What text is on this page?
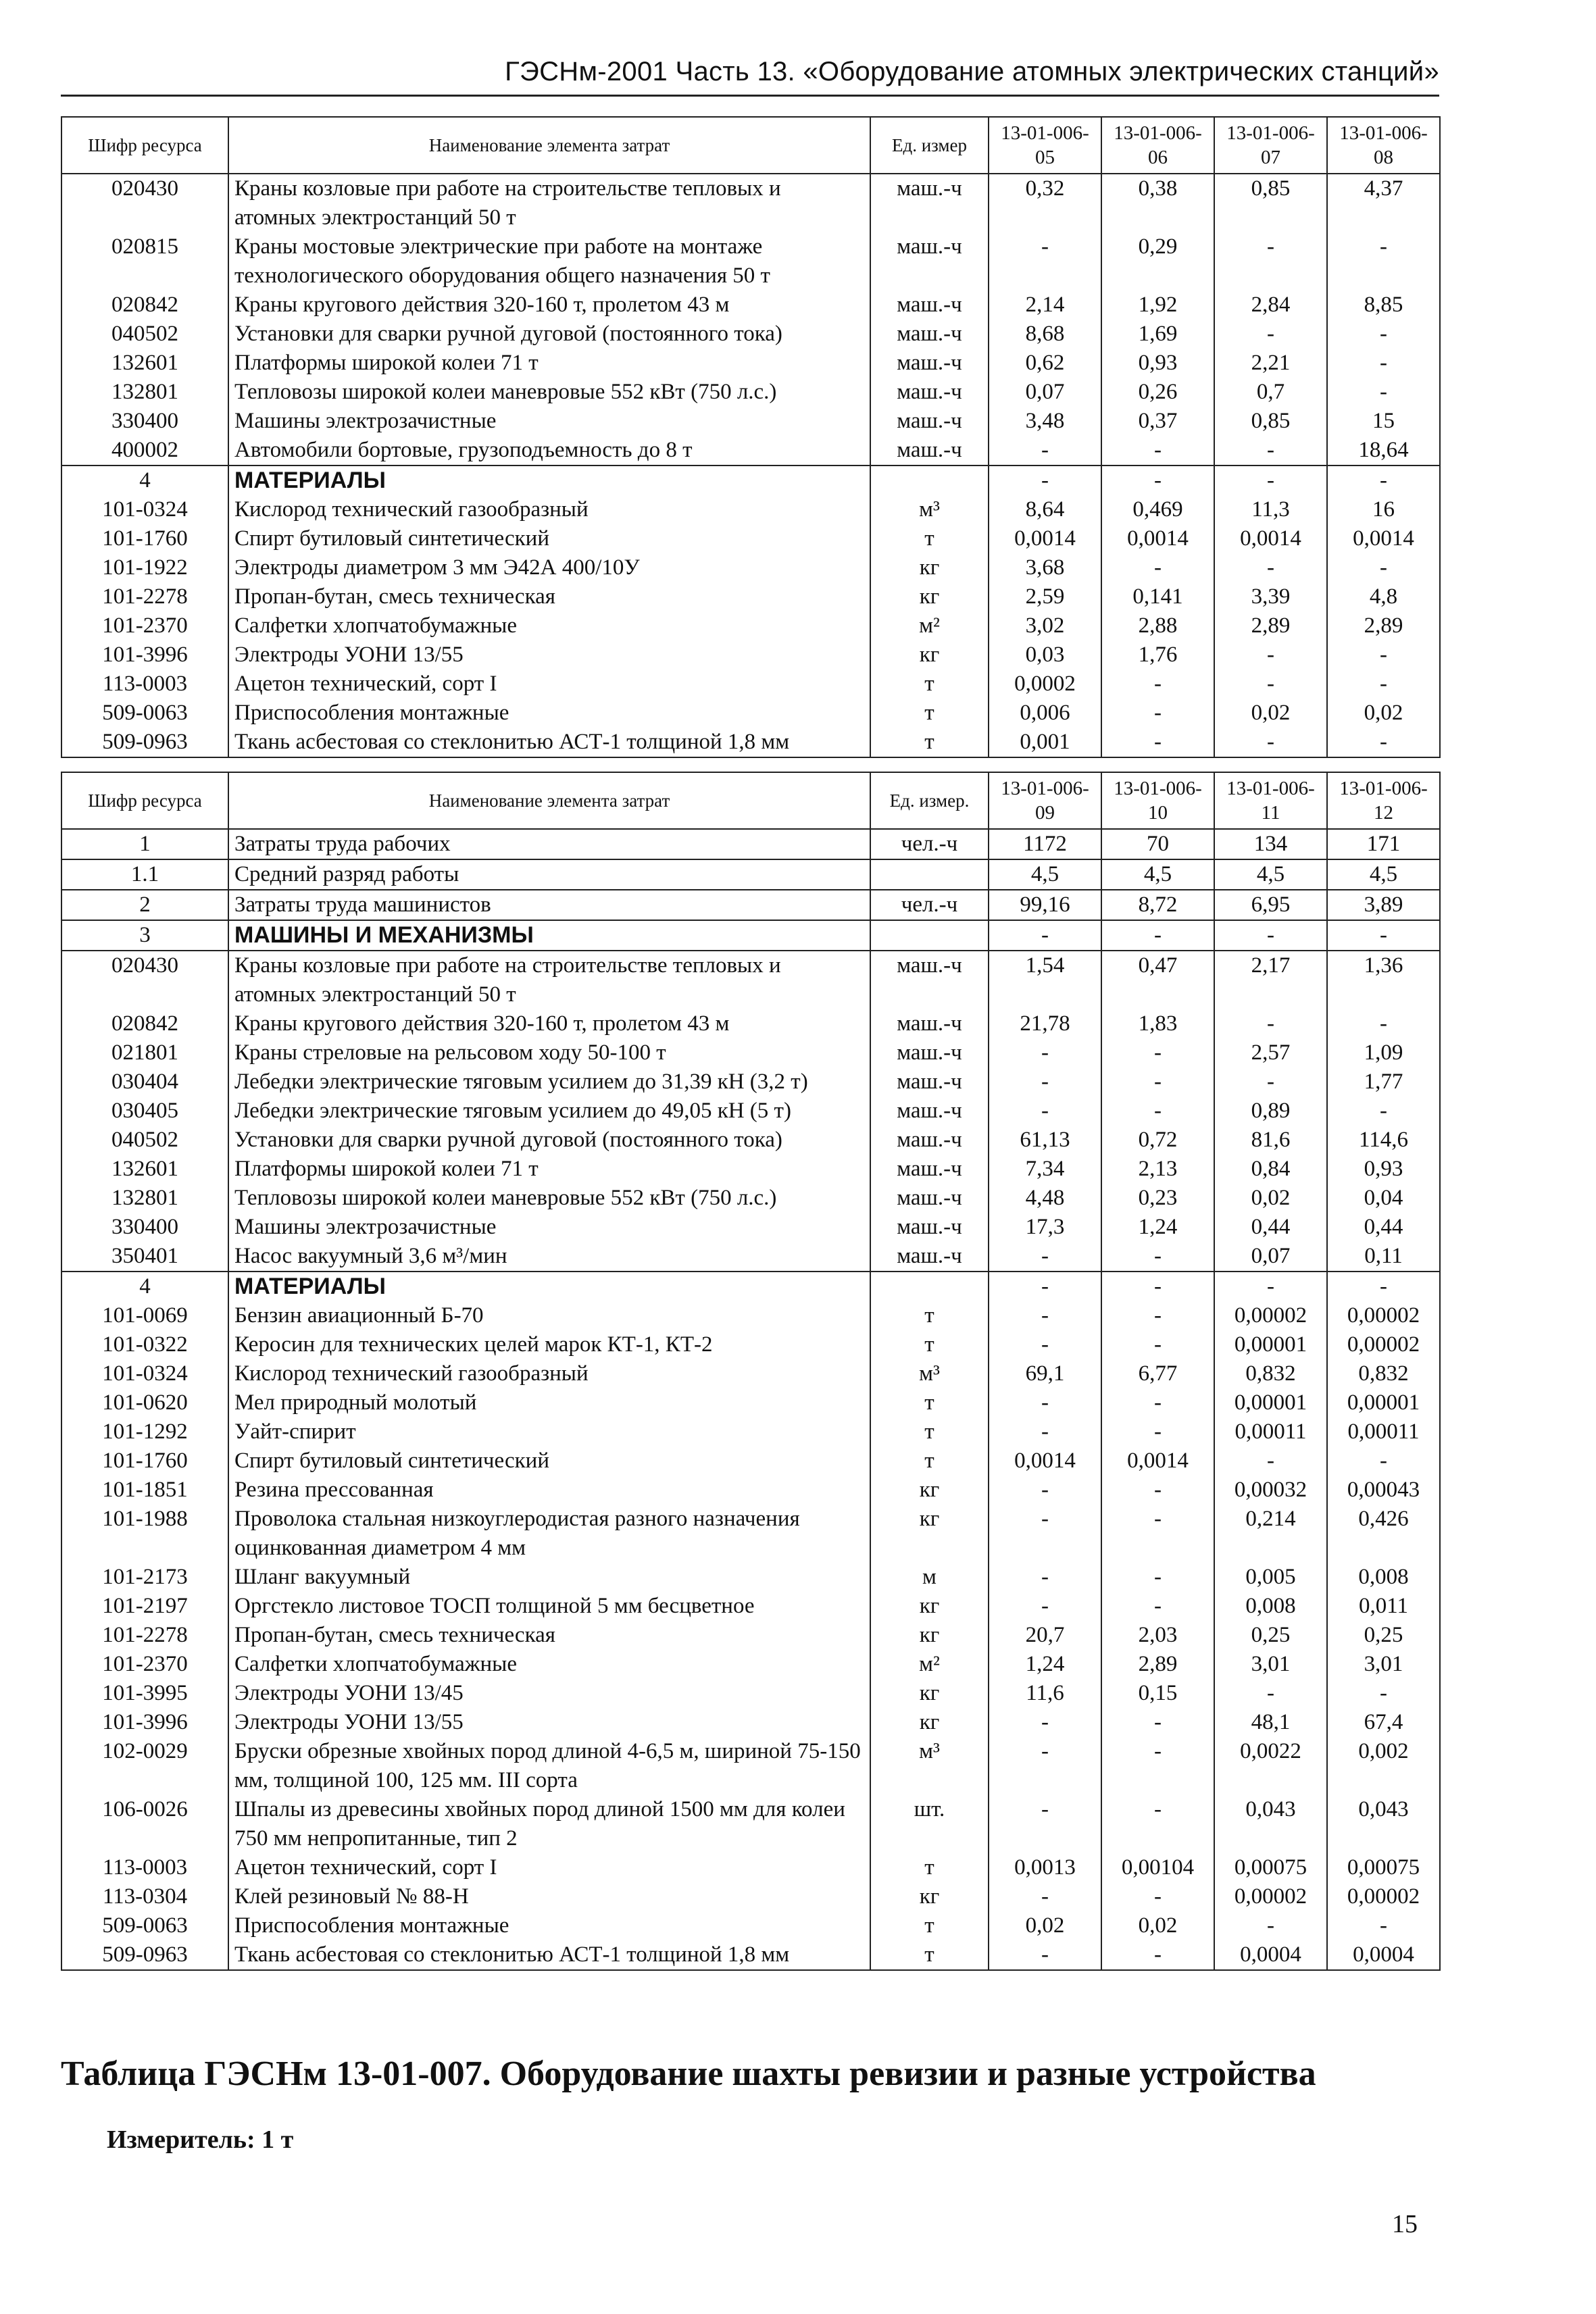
ГЭСНм-2001 Часть 13. «Оборудование атомных электрических станций»
Шифр ресурса	Наименование элемента затрат	Ед. измер	13-01-006-05	13-01-006-06	13-01-006-07	13-01-006-08
020430	Краны козловые при работе на строительстве тепловых и атомных электростанций 50 т	маш.-ч	0,32	0,38	0,85	4,37
020815	Краны мостовые электрические при работе на монтаже технологического оборудования общего назначения 50 т	маш.-ч	-	0,29	-	-
020842	Краны кругового действия 320-160 т, пролетом 43 м	маш.-ч	2,14	1,92	2,84	8,85
040502	Установки для сварки ручной дуговой (постоянного тока)	маш.-ч	8,68	1,69	-	-
132601	Платформы широкой колеи 71 т	маш.-ч	0,62	0,93	2,21	-
132801	Тепловозы широкой колеи маневровые 552 кВт (750 л.с.)	маш.-ч	0,07	0,26	0,7	-
330400	Машины электрозачистные	маш.-ч	3,48	0,37	0,85	15
400002	Автомобили бортовые, грузоподъемность до 8 т	маш.-ч	-	-	-	18,64
4	МАТЕРИАЛЫ		-	-	-	-
101-0324	Кислород технический газообразный	м³	8,64	0,469	11,3	16
101-1760	Спирт бутиловый синтетический	т	0,0014	0,0014	0,0014	0,0014
101-1922	Электроды диаметром 3 мм Э42А 400/10У	кг	3,68	-	-	-
101-2278	Пропан-бутан, смесь техническая	кг	2,59	0,141	3,39	4,8
101-2370	Салфетки хлопчатобумажные	м²	3,02	2,88	2,89	2,89
101-3996	Электроды УОНИ 13/55	кг	0,03	1,76	-	-
113-0003	Ацетон технический, сорт I	т	0,0002	-	-	-
509-0063	Приспособления монтажные	т	0,006	-	0,02	0,02
509-0963	Ткань асбестовая со стеклонитью АСТ-1 толщиной 1,8 мм	т	0,001	-	-	-
Шифр ресурса	Наименование элемента затрат	Ед. измер.	13-01-006-09	13-01-006-10	13-01-006-11	13-01-006-12
1	Затраты труда рабочих	чел.-ч	1172	70	134	171
1.1	Средний разряд работы		4,5	4,5	4,5	4,5
2	Затраты труда машинистов	чел.-ч	99,16	8,72	6,95	3,89
3	МАШИНЫ И МЕХАНИЗМЫ		-	-	-	-
020430	Краны козловые при работе на строительстве тепловых и атомных электростанций 50 т	маш.-ч	1,54	0,47	2,17	1,36
020842	Краны кругового действия 320-160 т, пролетом 43 м	маш.-ч	21,78	1,83	-	-
021801	Краны стреловые на рельсовом ходу 50-100 т	маш.-ч	-	-	2,57	1,09
030404	Лебедки электрические тяговым усилием до 31,39 кН (3,2 т)	маш.-ч	-	-	-	1,77
030405	Лебедки электрические тяговым усилием до 49,05 кН (5 т)	маш.-ч	-	-	0,89	-
040502	Установки для сварки ручной дуговой (постоянного тока)	маш.-ч	61,13	0,72	81,6	114,6
132601	Платформы широкой колеи 71 т	маш.-ч	7,34	2,13	0,84	0,93
132801	Тепловозы широкой колеи маневровые 552 кВт (750 л.с.)	маш.-ч	4,48	0,23	0,02	0,04
330400	Машины электрозачистные	маш.-ч	17,3	1,24	0,44	0,44
350401	Насос вакуумный 3,6 м³/мин	маш.-ч	-	-	0,07	0,11
4	МАТЕРИАЛЫ		-	-	-	-
101-0069	Бензин авиационный Б-70	т	-	-	0,00002	0,00002
101-0322	Керосин для технических целей марок КТ-1, КТ-2	т	-	-	0,00001	0,00002
101-0324	Кислород технический газообразный	м³	69,1	6,77	0,832	0,832
101-0620	Мел природный молотый	т	-	-	0,00001	0,00001
101-1292	Уайт-спирит	т	-	-	0,00011	0,00011
101-1760	Спирт бутиловый синтетический	т	0,0014	0,0014	-	-
101-1851	Резина прессованная	кг	-	-	0,00032	0,00043
101-1988	Проволока стальная низкоуглеродистая разного назначения оцинкованная диаметром 4 мм	кг	-	-	0,214	0,426
101-2173	Шланг вакуумный	м	-	-	0,005	0,008
101-2197	Оргстекло листовое ТОСП толщиной 5 мм бесцветное	кг	-	-	0,008	0,011
101-2278	Пропан-бутан, смесь техническая	кг	20,7	2,03	0,25	0,25
101-2370	Салфетки хлопчатобумажные	м²	1,24	2,89	3,01	3,01
101-3995	Электроды УОНИ 13/45	кг	11,6	0,15	-	-
101-3996	Электроды УОНИ 13/55	кг	-	-	48,1	67,4
102-0029	Бруски обрезные хвойных пород длиной 4-6,5 м, шириной 75-150 мм, толщиной 100, 125 мм. III сорта	м³	-	-	0,0022	0,002
106-0026	Шпалы из древесины хвойных пород длиной 1500 мм для колеи 750 мм непропитанные, тип 2	шт.	-	-	0,043	0,043
113-0003	Ацетон технический, сорт I	т	0,0013	0,00104	0,00075	0,00075
113-0304	Клей резиновый № 88-Н	кг	-	-	0,00002	0,00002
509-0063	Приспособления монтажные	т	0,02	0,02	-	-
509-0963	Ткань асбестовая со стеклонитью АСТ-1 толщиной 1,8 мм	т	-	-	0,0004	0,0004
Таблица ГЭСНм 13-01-007. Оборудование шахты ревизии и разные устройства
Измеритель: 1 т
15
